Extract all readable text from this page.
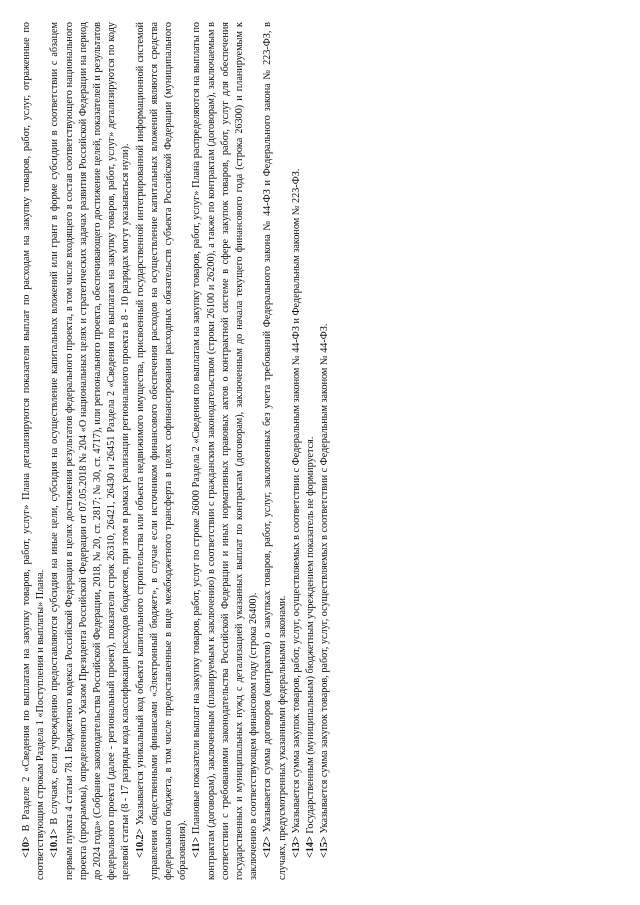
<10> В Разделе 2 «Сведения по выплатам на закупку товаров, работ, услуг» Плана детализируются показатели выплат по расходам на закупку товаров, работ, услуг, отраженные по соответствующим строкам Раздела 1 «Поступления и выплаты» Плана. <10.1> В случаях, если учреждению предоставляются субсидия на иные цели, субсидия на осуществление капитальных вложений или грант в форме субсидии в соответствии с абзацем первым пункта 4 статьи 78.1 Бюджетного кодекса Российской Федерации в целях достижения результатов федерального проекта, в том числе входящего в состав соответствующего национального проекта (программы), определенного Указом Президента Российской Федерации от 07.05.2018 № 204 «О национальных целях и стратегических задачах развития Российской Федерации на период до 2024 года» (Собрание законодательства Российской Федерации, 2018, № 20, ст. 2817; № 30, ст. 4717), или регионального проекта, обеспечивающего достижение целей, показателей и результатов федерального проекта (далее - региональный проект), показатели строк 26310, 26421, 26430 и 26451 Раздела 2 «Сведения по выплатам на закупку товаров, работ, услуг» детализируются по коду целевой статьи (8 - 17 разряды кода классификации расходов бюджетов, при этом в рамках реализации регионального проекта в 8 - 10 разрядах могут указываться нули). <10.2> Указывается уникальный код объекта капитального строительства или объекта недвижимого имущества, присвоенный государственной интегрированной информационной системой управления общественными финансами «Электронный бюджет», в случае если источником финансового обеспечения расходов на осуществление капитальных вложений являются средства федерального бюджета, в том числе предоставленные в виде межбюджетного трансферта в целях софинансирования расходных обязательств субъекта Российской Федерации (муниципального образования). <11> Плановые показатели выплат на закупку товаров, работ, услуг по строке 26000 Раздела 2 «Сведения по выплатам на закупку товаров, работ, услуг» Плана распределяются на выплаты по контрактам (договорам), заключенным (планируемым к заключению) в соответствии с гражданским законодательством (строки 26100 и 26200), а также по контрактам (договорам), заключаемым в соответствии с требованиями законодательства Российской Федерации и иных нормативных правовых актов о контрактной системе в сфере закупок товаров, работ, услуг для обеспечения государственных и муниципальных нужд с детализацией указанных выплат по контрактам (договорам), заключенным до начала текущего финансового года (строка 26300) и планируемым к заключению в соответствующем финансовом году (строка 26400). <12> Указывается сумма договоров (контрактов) о закупках товаров, работ, услуг, заключенных без учета требований Федерального закона № 44-ФЗ и Федерального закона № 223-ФЗ, в случаях, предусмотренных указанными федеральными законами. <13> Указывается сумма закупок товаров, работ, услуг, осуществляемых в соответствии с Федеральным законом № 44-ФЗ и Федеральным законом № 223-ФЗ.

<14> Государственным (муниципальным) бюджетным учреждением показатель не формируется.

<15> Указывается сумма закупок товаров, работ, услуг, осуществляемых в соответствии с Федеральным законом № 44-ФЗ.
